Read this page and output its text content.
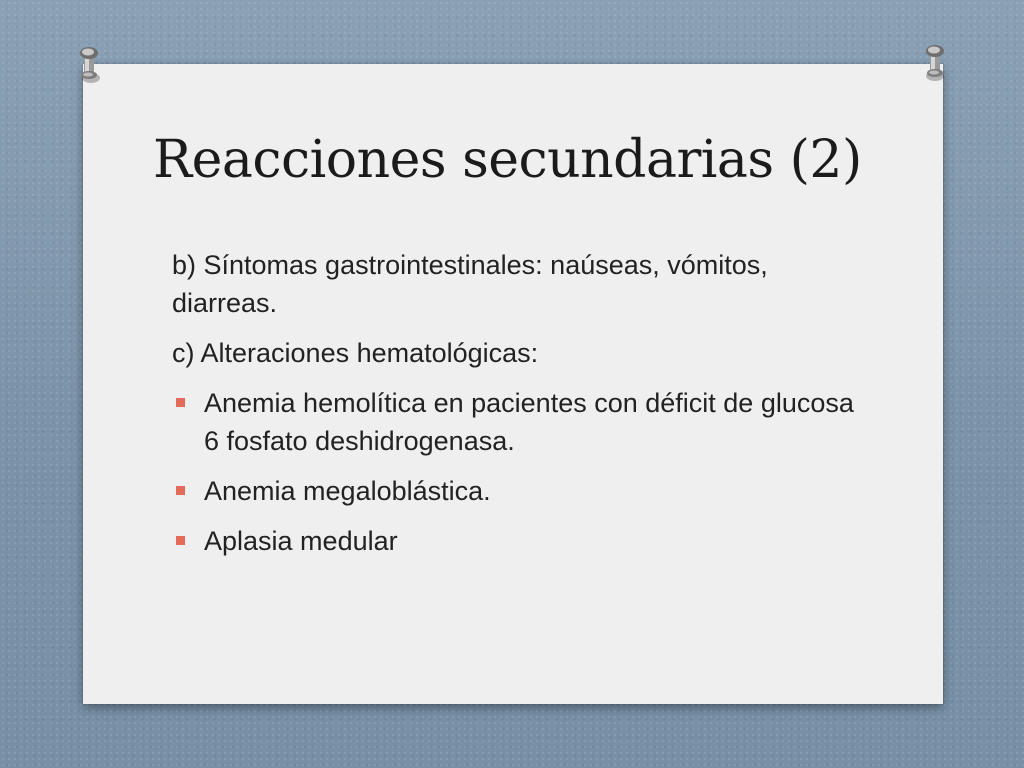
Reacciones secundarias (2)

b) Síntomas gastrointestinales: naúseas, vómitos, diarreas.

c) Alteraciones hematológicas:

Anemia hemolítica en pacientes con déficit de glucosa 6 fosfato deshidrogenasa.
Anemia megaloblástica.
Aplasia medular
